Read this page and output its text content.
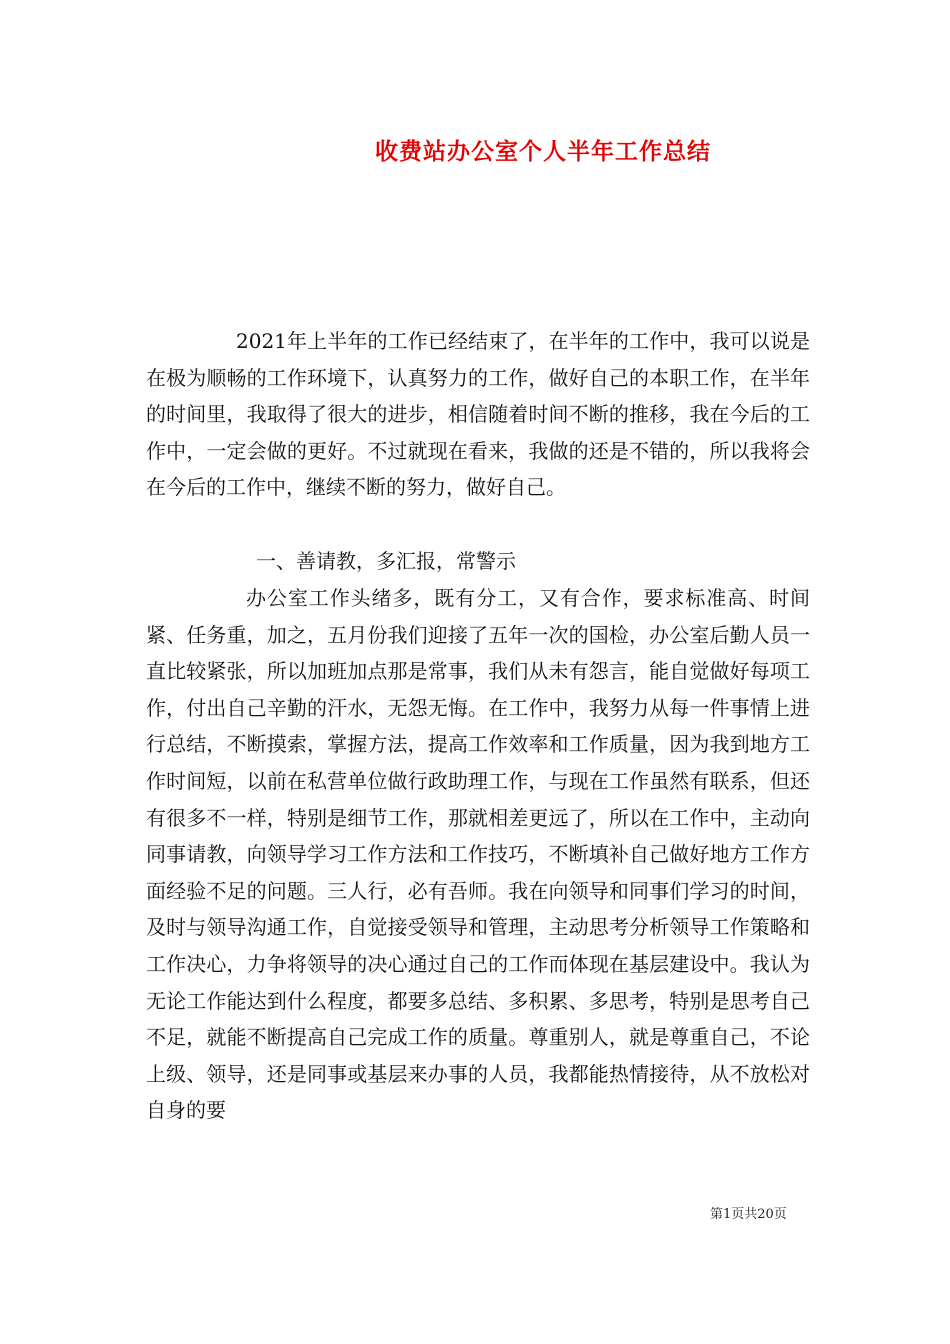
收费站办公室个人半年工作总结

2021年上半年的工作已经结束了，在半年的工作中，我可以说是在极为顺畅的工作环境下，认真努力的工作，做好自己的本职工作，在半年的时间里，我取得了很大的进步，相信随着时间不断的推移，我在今后的工作中，一定会做的更好。不过就现在看来，我做的还是不错的，所以我将会在今后的工作中，继续不断的努力，做好自己。

一、善请教，多汇报，常警示

办公室工作头绪多，既有分工，又有合作，要求标准高、时间紧、任务重，加之，五月份我们迎接了五年一次的国检，办公室后勤人员一直比较紧张，所以加班加点那是常事，我们从未有怨言，能自觉做好每项工作，付出自己辛勤的汗水，无怨无悔。在工作中，我努力从每一件事情上进行总结，不断摸索，掌握方法，提高工作效率和工作质量，因为我到地方工作时间短，以前在私营单位做行政助理工作，与现在工作虽然有联系，但还有很多不一样，特别是细节工作，那就相差更远了，所以在工作中，主动向同事请教，向领导学习工作方法和工作技巧，不断填补自己做好地方工作方面经验不足的问题。三人行，必有吾师。我在向领导和同事们学习的时间，及时与领导沟通工作，自觉接受领导和管理，主动思考分析领导工作策略和工作决心，力争将领导的决心通过自己的工作而体现在基层建设中。我认为无论工作能达到什么程度，都要多总结、多积累、多思考，特别是思考自己不足，就能不断提高自己完成工作的质量。尊重别人，就是尊重自己，不论上级、领导，还是同事或基层来办事的人员，我都能热情接待，从不放松对自身的要

第1页共20页
